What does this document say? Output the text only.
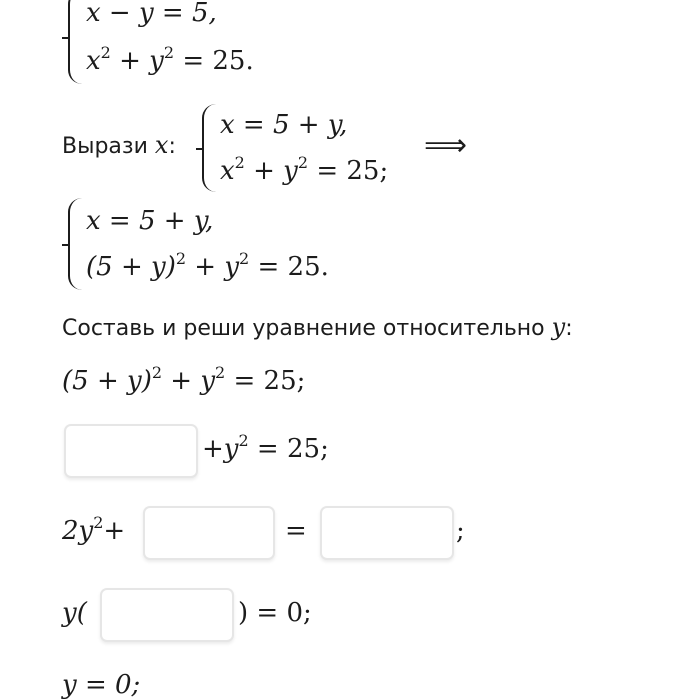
x − y = 5,
$x^2 + y^2 = 25$.
Вырази x:
x = 5 + y,
$x^2 + y^2 = 25$;
⟹
x = 5 + y,
$(5 + y)^2 + y^2 = 25$.
Составь и реши уравнение относительно y:
$(5 + y)^2 + y^2 = 25$;
$+y^2 = 25$;
$2y^2+$	=	;
y(	) = 0;
y = 0;
